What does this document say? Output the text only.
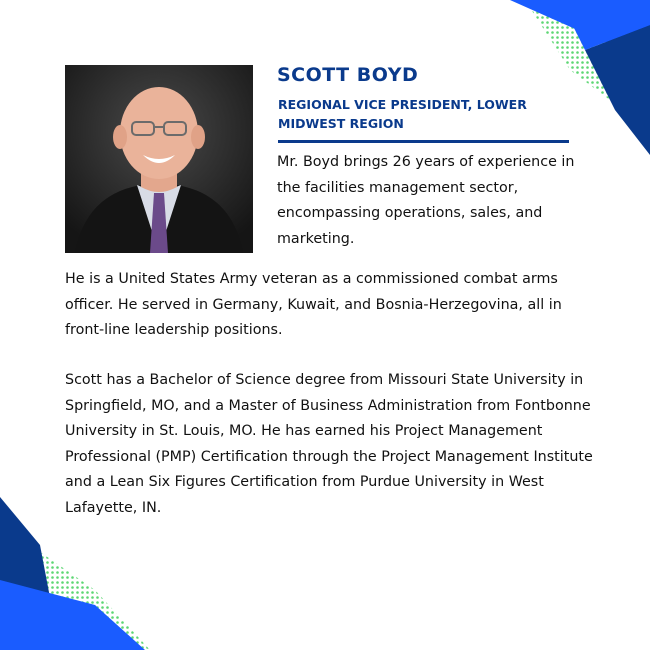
SCOTT BOYD
REGIONAL VICE PRESIDENT, LOWER MIDWEST REGION
Mr. Boyd brings 26 years of experience in the facilities management sector, encompassing operations, sales, and marketing.

He is a United States Army veteran as a commissioned combat arms officer. He served in Germany, Kuwait, and Bosnia-Herzegovina, all in front-line leadership positions.

Scott has a Bachelor of Science degree from Missouri State University in Springfield, MO, and a Master of Business Administration from Fontbonne University in St. Louis, MO. He has earned his Project Management Professional (PMP) Certification through the Project Management Institute and a Lean Six Figures Certification from Purdue University in West Lafayette, IN.
